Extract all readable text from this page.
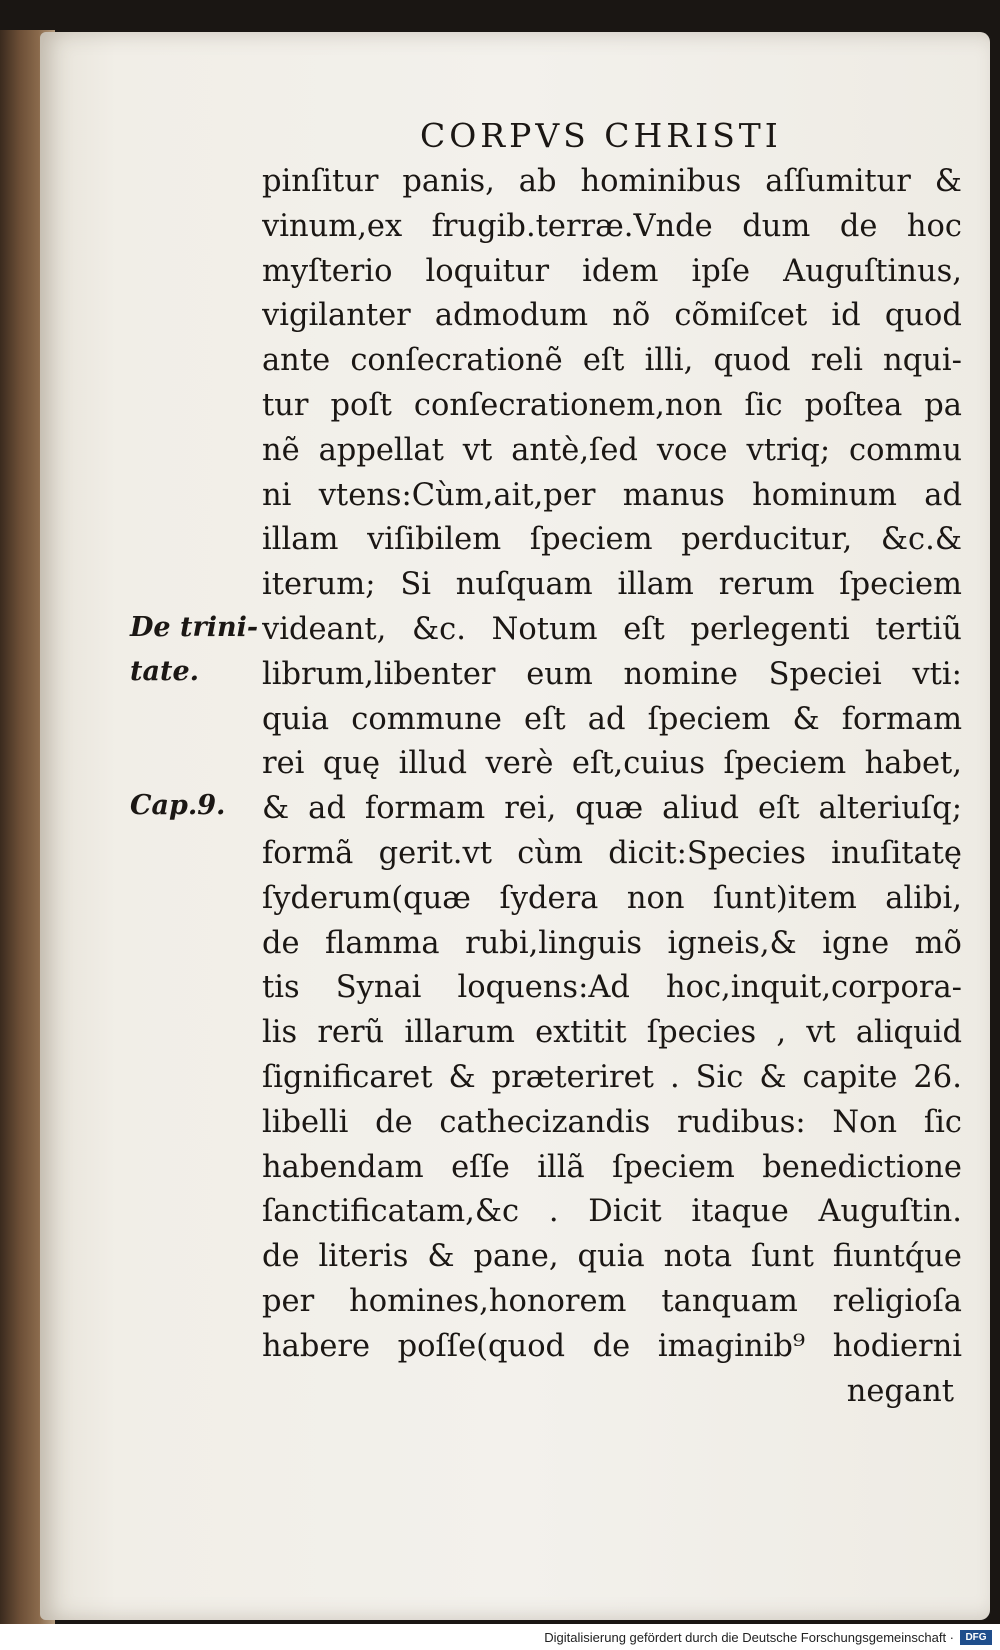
CORPVS CHRISTI
pinſitur panis, ab hominibus aſſumitur &
vinum,ex frugib.terræ.Vnde dum de hoc
myſterio loquitur idem ipſe Auguſtinus,
vigilanter admodum nõ cõmiſcet id quod
ante conſecrationẽ eſt illi, quod reli nqui-
tur poſt conſecrationem,non ſic poſtea pa
nẽ appellat vt antè,ſed voce vtriq; commu
ni vtens:Cùm,ait,per manus hominum ad
illam viſibilem ſpeciem perducitur, &c.&
iterum; Si nuſquam illam rerum ſpeciem
videant, &c. Notum eſt perlegenti tertiũ
librum,libenter eum nomine Speciei vti:
quia commune eſt ad ſpeciem & formam
rei quę illud verè eſt,cuius ſpeciem habet,
& ad formam rei, quæ aliud eſt alteriuſq;
formã gerit.vt cùm dicit:Species inuſitatę
ſyderum(quæ ſydera non ſunt)item alibi,
de flamma rubi,linguis igneis,& igne mõ
tis Synai loquens:Ad hoc,inquit,corpora-
lis rerũ illarum extitit ſpecies , vt aliquid
ſignificaret & præteriret . Sic & capite 26.
libelli de cathecizandis rudibus: Non ſic
habendam eſſe illã ſpeciem benedictione
ſanctificatam,&c . Dicit itaque Auguſtin.
de literis & pane, quia nota ſunt fiuntq́ue
per homines,honorem tanquam religioſa
habere poſſe(quod de imaginib⁹ hodierni
negant
De trini-
tate.
Cap.9.
Digitalisierung gefördert durch die Deutsche Forschungsgemeinschaft ·	DFG
